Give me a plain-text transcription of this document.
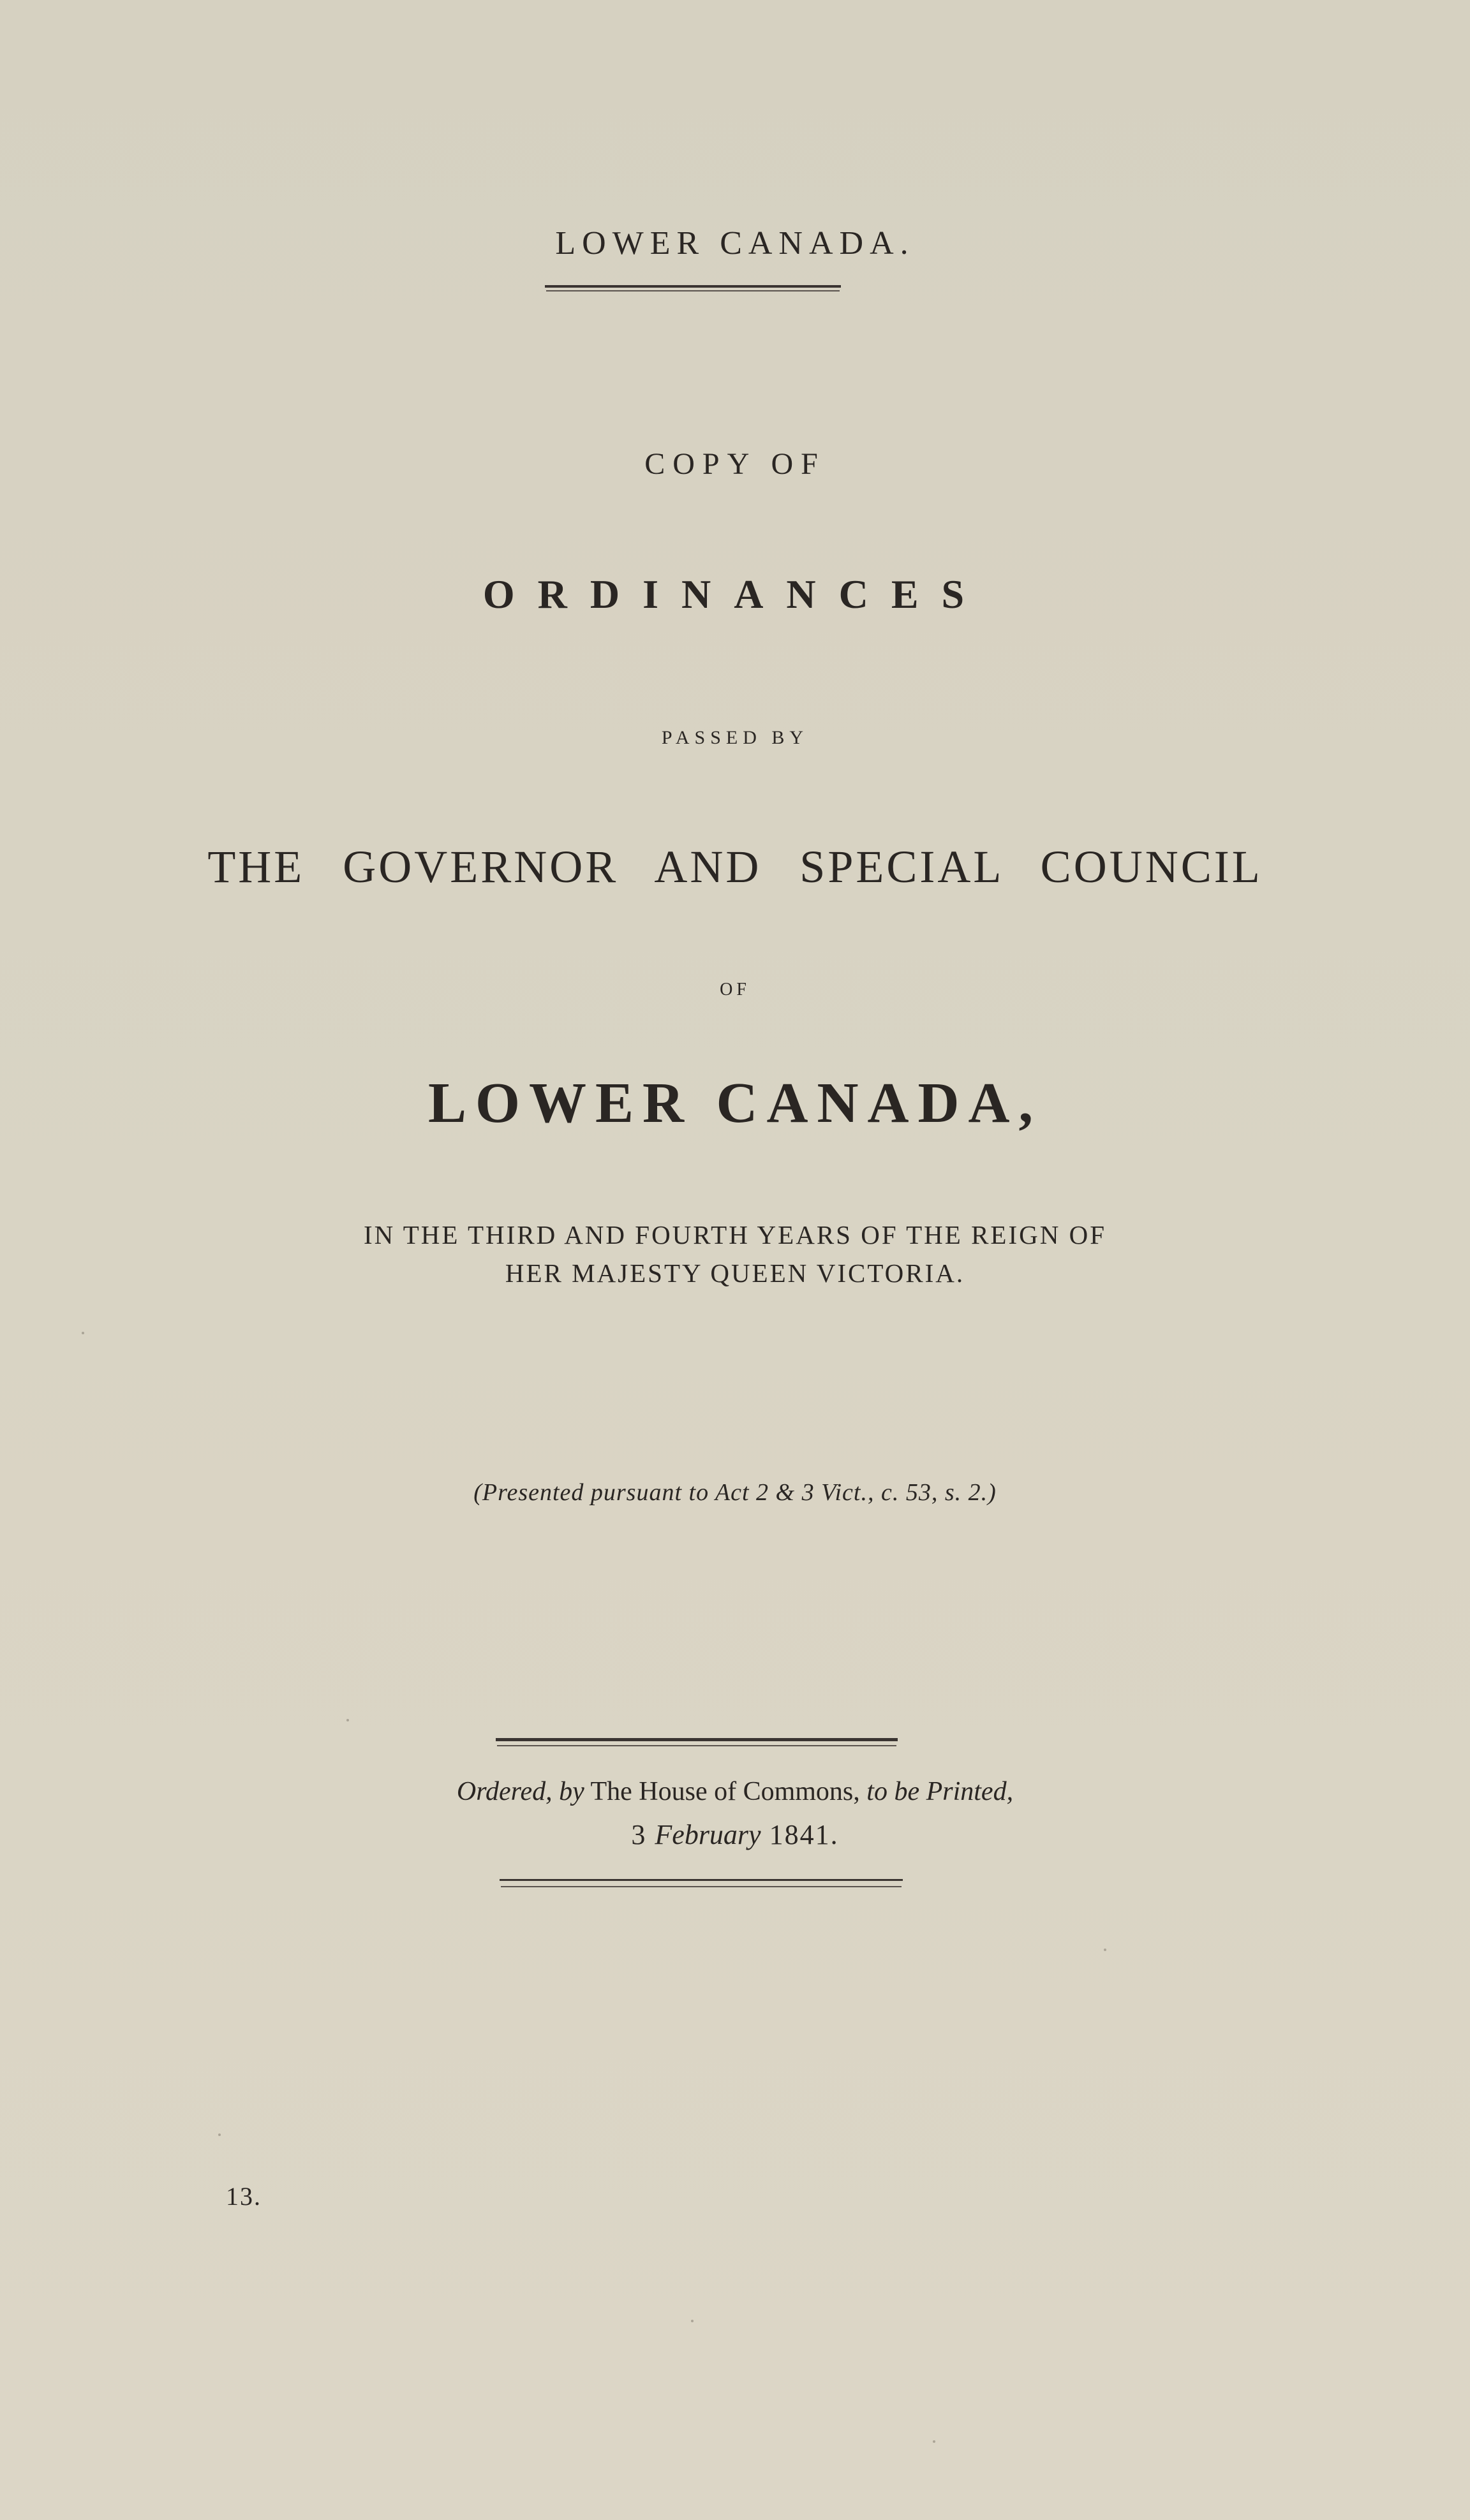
LOWER CANADA.
COPY OF
ORDINANCES
PASSED BY
THE GOVERNOR AND SPECIAL COUNCIL
OF
LOWER CANADA,
IN THE THIRD AND FOURTH YEARS OF THE REIGN OF
HER MAJESTY QUEEN VICTORIA.
(Presented pursuant to Act 2 & 3 Vict., c. 53, s. 2.)
Ordered, by The House of Commons, to be Printed,
3 February 1841.
13.
